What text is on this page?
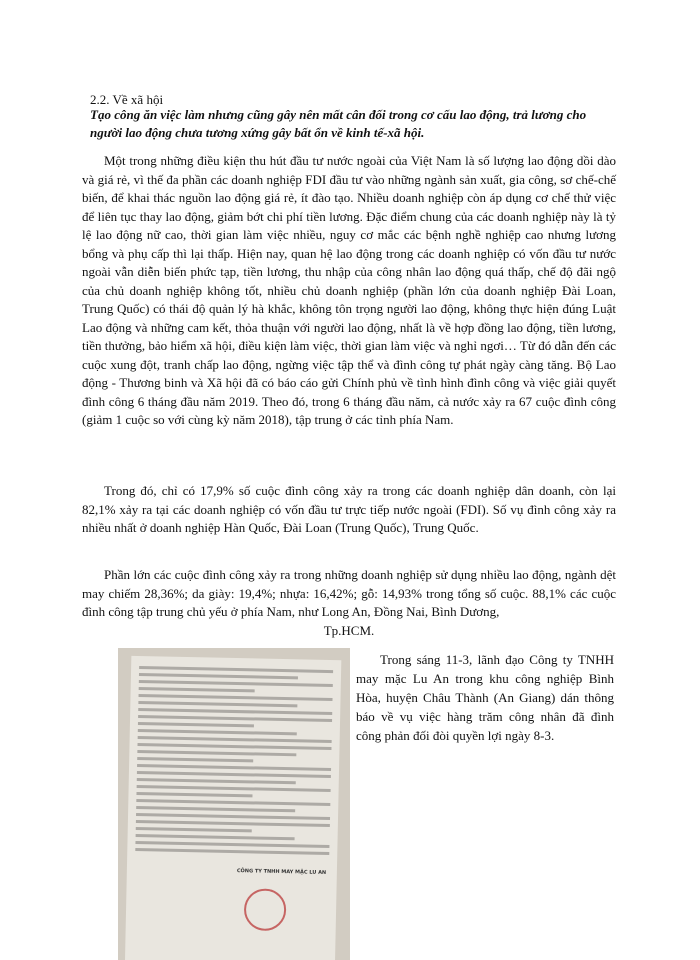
2.2. Về xã hội
Tạo công ăn việc làm nhưng cũng gây nên mất cân đối trong cơ cấu lao động, trả lương cho người lao động chưa tương xứng gây bất ổn về kinh tế-xã hội.
Một trong những điều kiện thu hút đầu tư nước ngoài của Việt Nam là số lượng lao động dồi dào và giá rẻ, vì thế đa phần các doanh nghiệp FDI đầu tư vào những ngành sản xuất, gia công, sơ chế-chế biến, để khai thác nguồn lao động giá rẻ, ít đào tạo. Nhiều doanh nghiệp còn áp dụng cơ chế thử việc để liên tục thay lao động, giảm bớt chi phí tiền lương. Đặc điểm chung của các doanh nghiệp này là tỷ lệ lao động nữ cao, thời gian làm việc nhiều, nguy cơ mắc các bệnh nghề nghiệp cao nhưng lương bổng và phụ cấp thì lại thấp. Hiện nay, quan hệ lao động trong các doanh nghiệp có vốn đầu tư nước ngoài vẫn diễn biến phức tạp, tiền lương, thu nhập của công nhân lao động quá thấp, chế độ đãi ngộ của chủ doanh nghiệp không tốt, nhiều chủ doanh nghiệp (phần lớn của doanh nghiệp Đài Loan, Trung Quốc) có thái độ quản lý hà khắc, không tôn trọng người lao động, không thực hiện đúng Luật Lao động và những cam kết, thỏa thuận với người lao động, nhất là về hợp đồng lao động, tiền lương, tiền thưởng, bảo hiểm xã hội, điều kiện làm việc, thời gian làm việc và nghỉ ngơi… Từ đó dẫn đến các cuộc xung đột, tranh chấp lao động, ngừng việc tập thể và đình công tự phát ngày càng tăng. Bộ Lao động - Thương binh và Xã hội đã có báo cáo gửi Chính phủ về tình hình đình công và việc giải quyết đình công 6 tháng đầu năm 2019. Theo đó, trong 6 tháng đầu năm, cả nước xảy ra 67 cuộc đình công (giảm 1 cuộc so với cùng kỳ năm 2018), tập trung ở các tỉnh phía Nam.
Trong đó, chỉ có 17,9% số cuộc đình công xảy ra trong các doanh nghiệp dân doanh, còn lại 82,1% xảy ra tại các doanh nghiệp có vốn đầu tư trực tiếp nước ngoài (FDI). Số vụ đình công xảy ra nhiều nhất ở doanh nghiệp Hàn Quốc, Đài Loan (Trung Quốc), Trung Quốc.
Phần lớn các cuộc đình công xảy ra trong những doanh nghiệp sử dụng nhiều lao động, ngành dệt may chiếm 28,36%; da giày: 19,4%; nhựa: 16,42%; gỗ: 14,93% trong tổng số cuộc. 88,1% các cuộc đình công tập trung chủ yếu ở phía Nam, như Long An, Đồng Nai, Bình Dương,
Tp.HCM.
CÔNG TY TNHH MAY MẶC LU AN
Trong sáng 11-3, lãnh đạo Công ty TNHH may mặc Lu An trong khu công nghiệp Bình Hòa, huyện Châu Thành (An Giang) dán thông báo về vụ việc hàng trăm công nhân đã đình công phản đối đòi quyền lợi ngày 8-3.
